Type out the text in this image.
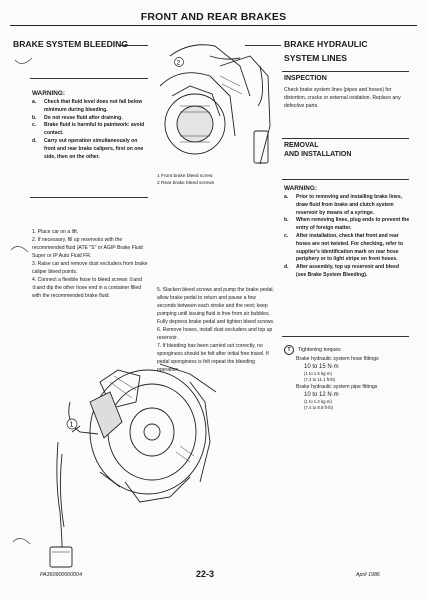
FRONT AND REAR BRAKES
BRAKE SYSTEM BLEEDING
WARNING:
a.	Check that fluid level does not fall below minimum during bleeding.
b.	Do not reuse fluid after draining.
c.	Brake fluid is harmful to paintwork: avoid contact.
d.	Carry out operation simultaneously on front and rear brake calipers, first on one side, then on the other.

1. Place car on a lift.

2. If necessary, fill up reservoirs with the recommended fluid (ATE "S" or AGIP Brake Fluid Super or IP Auto Fluid FR.

3. Raise car and remove dust excluders from brake caliper bleed points.

4. Connect a flexible hose to bleed screws ①and ②and dip the other hose end in a container filled with the recommended brake fluid.

1
2
1 Front brake bleed screw
2 Rear brake bleed screws

5. Slacken bleed screws and pump the brake pedal, allow brake pedal to return and pause a few seconds between each stroke and the next; keep pumping until issuing fluid is free from air bubbles. Fully depress brake pedal and tighten bleed screws.

6. Remove hoses, install dust excluders and top up reservoir.

7. If bleeding has been carried out correctly, no sponginess should be felt after initial free travel. If pedal sponginess is felt repeat the bleeding operation.

BRAKE HYDRAULIC
SYSTEM LINES
INSPECTION
Check brake system lines (pipes and hoses) for distortion, cracks or external oxidation. Replace any defective parts.
REMOVAL
AND INSTALLATION
WARNING:
a.	Prior to removing and installing brake lines, draw fluid from brake and clutch system reservoir by means of a syringe.
b.	When removing lines, plug ends to prevent the entry of foreign matter.
c.	After installation, check that front and rear hoses are not twisted. For checking, refer to supplier's identification mark on rear hose periphery or to light stripe on front hoses.
d.	After assembly, top up reservoir and bleed (see Brake System Bleeding).
T	Tightening torques
Brake hydraulic system hose fittings
10 to 15 N·m
(1 to 1.5 kg·m)
(7.4 to 11.1 ft·lb)
Brake hydraulic system pipe fittings
10 to 12 N·m
(1 to 1.2 kg·m)
(7.4 to 8.9 ft·lb)
PA360900000004	22-3	April 1986
